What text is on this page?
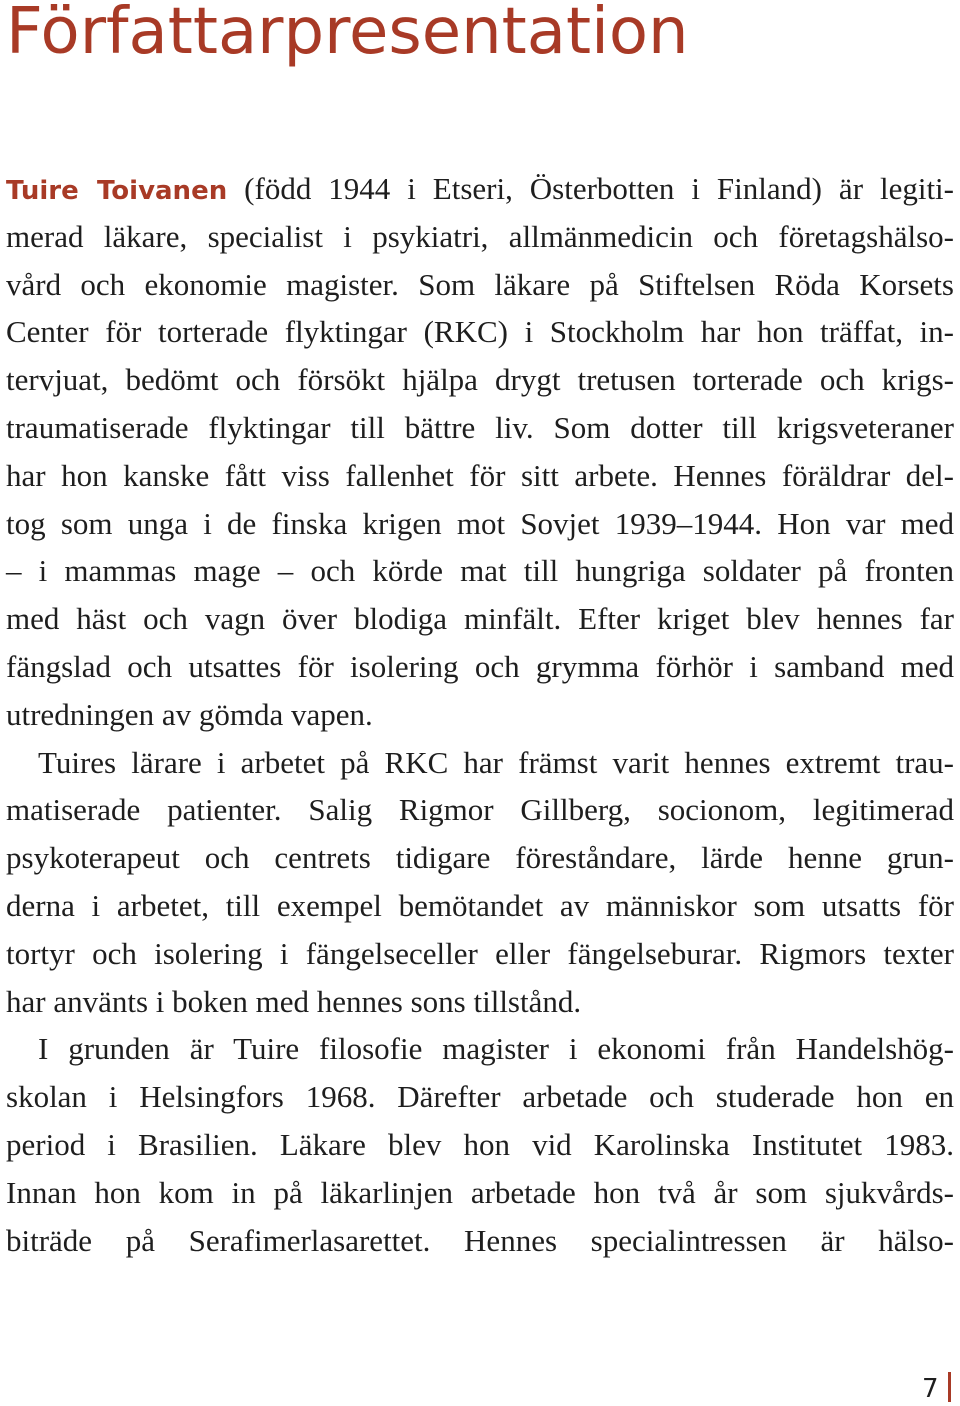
Författarpresentation
Tuire Toivanen (född 1944 i Etseri, Österbotten i Finland) är legiti-
merad läkare, specialist i psykiatri, allmänmedicin och företagshälso-
vård och ekonomie magister. Som läkare på Stiftelsen Röda Korsets
Center för torterade flyktingar (RKC) i Stockholm har hon träffat, in-
tervjuat, bedömt och försökt hjälpa drygt tretusen torterade och krigs-
traumatiserade flyktingar till bättre liv. Som dotter till krigsveteraner
har hon kanske fått viss fallenhet för sitt arbete. Hennes föräldrar del-
tog som unga i de finska krigen mot Sovjet 1939–1944. Hon var med
– i mammas mage – och körde mat till hungriga soldater på fronten
med häst och vagn över blodiga minfält. Efter kriget blev hennes far
fängslad och utsattes för isolering och grymma förhör i samband med
utredningen av gömda vapen.
Tuires lärare i arbetet på RKC har främst varit hennes extremt trau-
matiserade patienter. Salig Rigmor Gillberg, socionom, legitimerad
psykoterapeut och centrets tidigare föreståndare, lärde henne grun-
derna i arbetet, till exempel bemötandet av människor som utsatts för
tortyr och isolering i fängelseceller eller fängelseburar. Rigmors texter
har använts i boken med hennes sons tillstånd.
I grunden är Tuire filosofie magister i ekonomi från Handelshög-
skolan i Helsingfors 1968. Därefter arbetade och studerade hon en
period i Brasilien. Läkare blev hon vid Karolinska Institutet 1983.
Innan hon kom in på läkarlinjen arbetade hon två år som sjukvårds-
biträde på Serafimerlasarettet. Hennes specialintressen är hälso-
7
